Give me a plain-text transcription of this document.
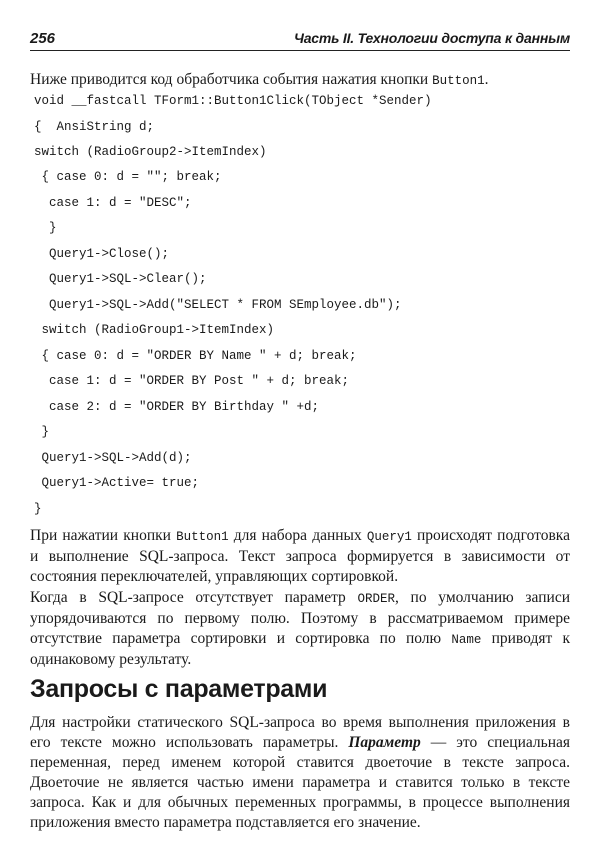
256	Часть II. Технологии доступа к данным
Ниже приводится код обработчика события нажатия кнопки Button1.
void __fastcall TForm1::Button1Click(TObject *Sender)
{  AnsiString d;
switch (RadioGroup2->ItemIndex)
{ case 0: d = ""; break;
case 1: d = "DESC";
}
Query1->Close();
Query1->SQL->Clear();
Query1->SQL->Add("SELECT * FROM SEmployee.db");
switch (RadioGroup1->ItemIndex)
{ case 0: d = "ORDER BY Name " + d; break;
case 1: d = "ORDER BY Post " + d; break;
case 2: d = "ORDER BY Birthday " +d;
}
Query1->SQL->Add(d);
Query1->Active= true;
}
При нажатии кнопки Button1 для набора данных Query1 происходят подготовка и выполнение SQL-запроса. Текст запроса формируется в зависимости от состояния переключателей, управляющих сортировкой.
Когда в SQL-запросе отсутствует параметр ORDER, по умолчанию записи упорядочиваются по первому полю. Поэтому в рассматриваемом примере отсутствие параметра сортировки и сортировка по полю Name приводят к одинаковому результату.
Запросы с параметрами
Для настройки статического SQL-запроса во время выполнения приложения в его тексте можно использовать параметры. Параметр — это специальная переменная, перед именем которой ставится двоеточие в тексте запроса. Двоеточие не является частью имени параметра и ставится только в тексте запроса. Как и для обычных переменных программы, в процессе выполнения приложения вместо параметра подставляется его значение.
